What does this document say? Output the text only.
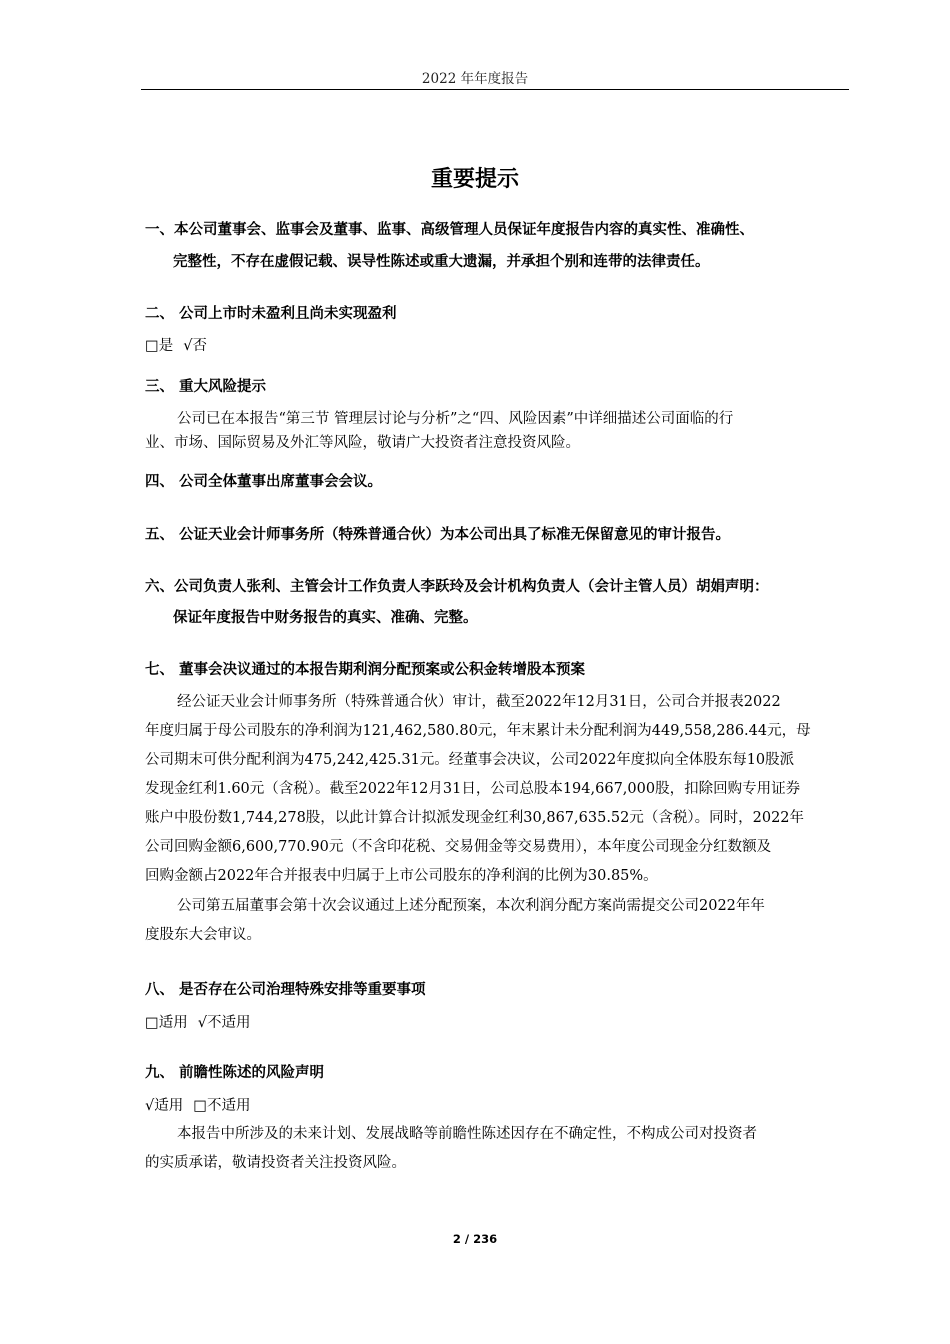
2022 年年度报告
重要提示
一、本公司董事会、监事会及董事、监事、高级管理人员保证年度报告内容的真实性、准确性、
完整性，不存在虚假记载、误导性陈述或重大遗漏，并承担个别和连带的法律责任。
二、 公司上市时未盈利且尚未实现盈利
□是 √否
三、 重大风险提示
公司已在本报告“第三节 管理层讨论与分析”之“四、风险因素”中详细描述公司面临的行
业、市场、国际贸易及外汇等风险，敬请广大投资者注意投资风险。
四、 公司全体董事出席董事会会议。
五、 公证天业会计师事务所（特殊普通合伙）为本公司出具了标准无保留意见的审计报告。
六、公司负责人张利、主管会计工作负责人李跃玲及会计机构负责人（会计主管人员）胡娟声明：
保证年度报告中财务报告的真实、准确、完整。
七、 董事会决议通过的本报告期利润分配预案或公积金转增股本预案
经公证天业会计师事务所（特殊普通合伙）审计，截至2022年12月31日，公司合并报表2022
年度归属于母公司股东的净利润为121,462,580.80元，年末累计未分配利润为449,558,286.44元，母
公司期末可供分配利润为475,242,425.31元。经董事会决议，公司2022年度拟向全体股东每10股派
发现金红利1.60元（含税）。截至2022年12月31日，公司总股本194,667,000股，扣除回购专用证券
账户中股份数1,744,278股，以此计算合计拟派发现金红利30,867,635.52元（含税）。同时，2022年
公司回购金额6,600,770.90元（不含印花税、交易佣金等交易费用），本年度公司现金分红数额及
回购金额占2022年合并报表中归属于上市公司股东的净利润的比例为30.85%。
公司第五届董事会第十次会议通过上述分配预案，本次利润分配方案尚需提交公司2022年年
度股东大会审议。
八、 是否存在公司治理特殊安排等重要事项
□适用 √不适用
九、 前瞻性陈述的风险声明
√适用 □不适用
本报告中所涉及的未来计划、发展战略等前瞻性陈述因存在不确定性，不构成公司对投资者
的实质承诺，敬请投资者关注投资风险。
2 / 236
